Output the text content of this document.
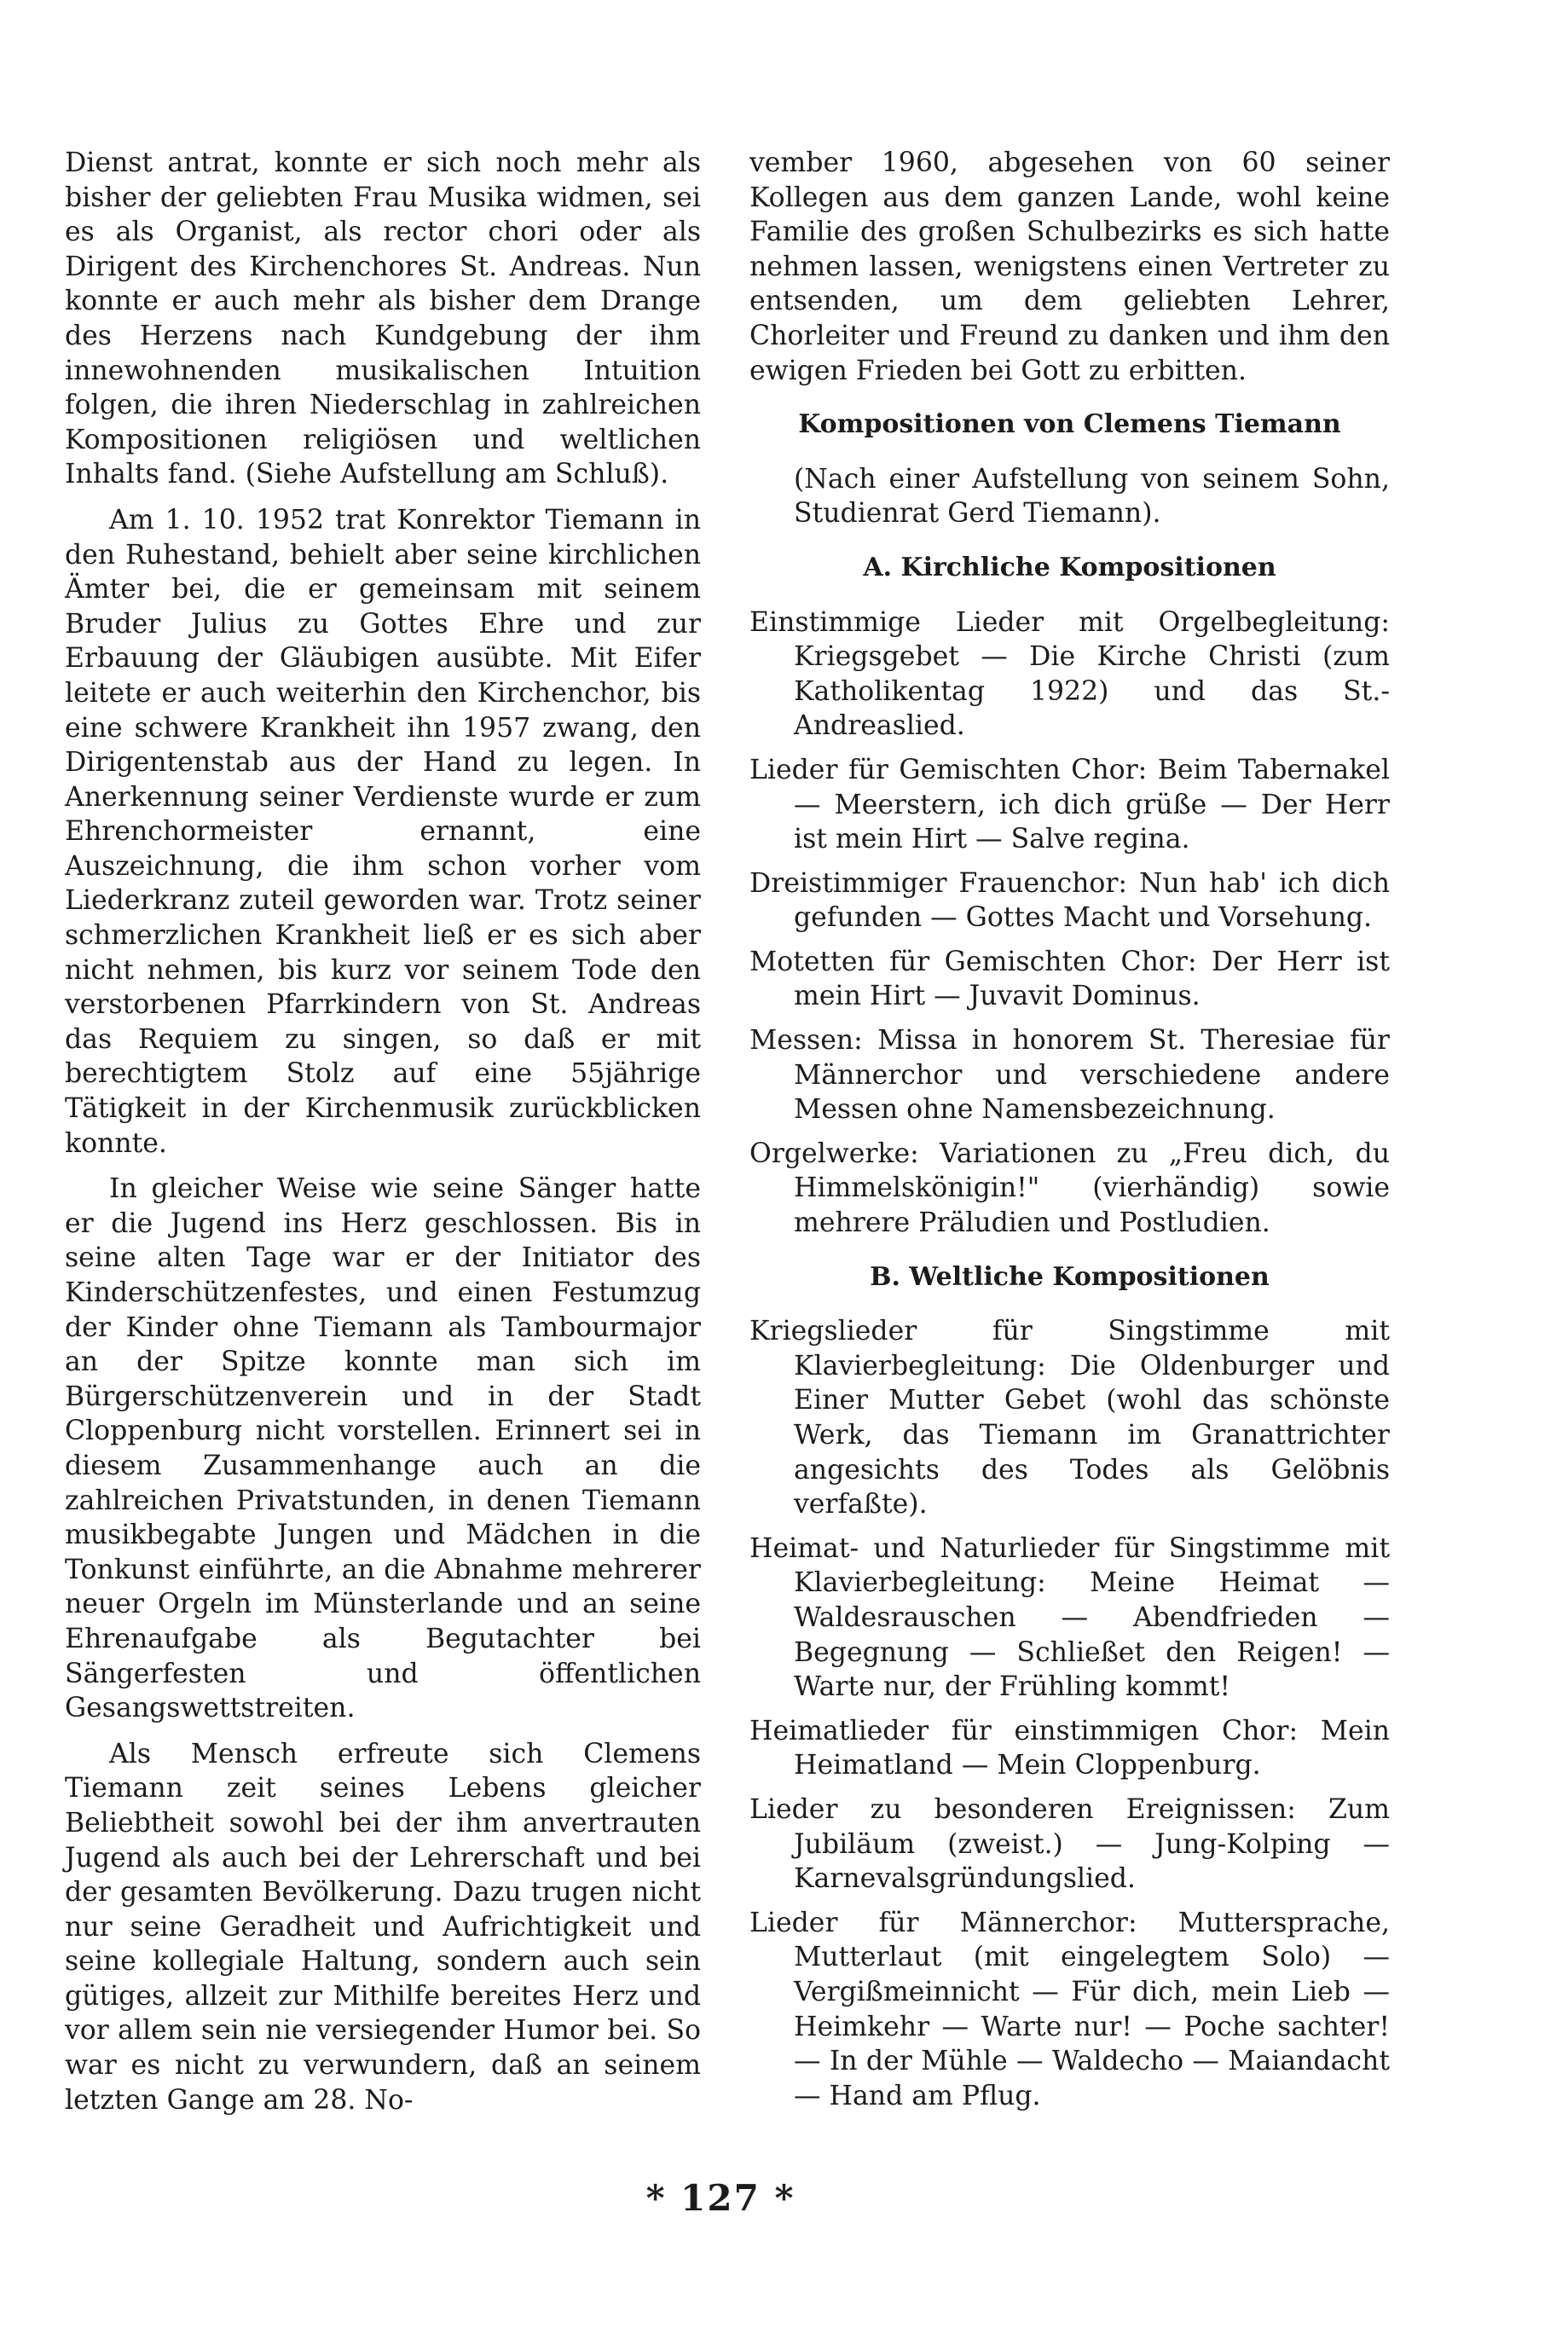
Dienst antrat, konnte er sich noch mehr als bisher der geliebten Frau Musika widmen, sei es als Organist, als rector chori oder als Dirigent des Kirchenchores St. Andreas. Nun konnte er auch mehr als bisher dem Drange des Herzens nach Kundgebung der ihm innewohnenden musikalischen Intuition folgen, die ihren Niederschlag in zahlreichen Kompositionen religiösen und weltlichen Inhalts fand. (Siehe Aufstellung am Schluß).

Am 1. 10. 1952 trat Konrektor Tiemann in den Ruhestand, behielt aber seine kirchlichen Ämter bei, die er gemeinsam mit seinem Bruder Julius zu Gottes Ehre und zur Erbauung der Gläubigen ausübte. Mit Eifer leitete er auch weiterhin den Kirchenchor, bis eine schwere Krankheit ihn 1957 zwang, den Dirigentenstab aus der Hand zu legen. In Anerkennung seiner Verdienste wurde er zum Ehrenchormeister ernannt, eine Auszeichnung, die ihm schon vorher vom Liederkranz zuteil geworden war. Trotz seiner schmerzlichen Krankheit ließ er es sich aber nicht nehmen, bis kurz vor seinem Tode den verstorbenen Pfarrkindern von St. Andreas das Requiem zu singen, so daß er mit berechtigtem Stolz auf eine 55jährige Tätigkeit in der Kirchenmusik zurückblicken konnte.

In gleicher Weise wie seine Sänger hatte er die Jugend ins Herz geschlossen. Bis in seine alten Tage war er der Initiator des Kinderschützenfestes, und einen Festumzug der Kinder ohne Tiemann als Tambourmajor an der Spitze konnte man sich im Bürgerschützenverein und in der Stadt Cloppenburg nicht vorstellen. Erinnert sei in diesem Zusammenhange auch an die zahlreichen Privatstunden, in denen Tiemann musikbegabte Jungen und Mädchen in die Tonkunst einführte, an die Abnahme mehrerer neuer Orgeln im Münsterlande und an seine Ehrenaufgabe als Begutachter bei Sängerfesten und öffentlichen Gesangswettstreiten.

Als Mensch erfreute sich Clemens Tiemann zeit seines Lebens gleicher Beliebtheit sowohl bei der ihm anvertrauten Jugend als auch bei der Lehrerschaft und bei der gesamten Bevölkerung. Dazu trugen nicht nur seine Geradheit und Aufrichtigkeit und seine kollegiale Haltung, sondern auch sein gütiges, allzeit zur Mithilfe bereites Herz und vor allem sein nie versiegender Humor bei. So war es nicht zu verwundern, daß an seinem letzten Gange am 28. No-

vember 1960, abgesehen von 60 seiner Kollegen aus dem ganzen Lande, wohl keine Familie des großen Schulbezirks es sich hatte nehmen lassen, wenigstens einen Vertreter zu entsenden, um dem geliebten Lehrer, Chorleiter und Freund zu danken und ihm den ewigen Frieden bei Gott zu erbitten.

Kompositionen von Clemens Tiemann

(Nach einer Aufstellung von seinem Sohn, Studienrat Gerd Tiemann).

A. Kirchliche Kompositionen
Einstimmige Lieder mit Orgelbegleitung: Kriegsgebet — Die Kirche Christi (zum Katholikentag 1922) und das St.-Andreaslied.
Lieder für Gemischten Chor: Beim Tabernakel — Meerstern, ich dich grüße — Der Herr ist mein Hirt — Salve regina.
Dreistimmiger Frauenchor: Nun hab' ich dich gefunden — Gottes Macht und Vorsehung.
Motetten für Gemischten Chor: Der Herr ist mein Hirt — Juvavit Dominus.
Messen: Missa in honorem St. Theresiae für Männerchor und verschiedene andere Messen ohne Namensbezeichnung.
Orgelwerke: Variationen zu „Freu dich, du Himmelskönigin!" (vierhändig) sowie mehrere Präludien und Postludien.
B. Weltliche Kompositionen
Kriegslieder für Singstimme mit Klavierbegleitung: Die Oldenburger und Einer Mutter Gebet (wohl das schönste Werk, das Tiemann im Granattrichter angesichts des Todes als Gelöbnis verfaßte).
Heimat- und Naturlieder für Singstimme mit Klavierbegleitung: Meine Heimat — Waldesrauschen — Abendfrieden — Begegnung — Schließet den Reigen! — Warte nur, der Frühling kommt!
Heimatlieder für einstimmigen Chor: Mein Heimatland — Mein Cloppenburg.
Lieder zu besonderen Ereignissen: Zum Jubiläum (zweist.) — Jung-Kolping — Karnevalsgründungslied.
Lieder für Männerchor: Muttersprache, Mutterlaut (mit eingelegtem Solo) — Vergißmeinnicht — Für dich, mein Lieb — Heimkehr — Warte nur! — Poche sachter! — In der Mühle — Waldecho — Maiandacht — Hand am Pflug.
* 127 *
